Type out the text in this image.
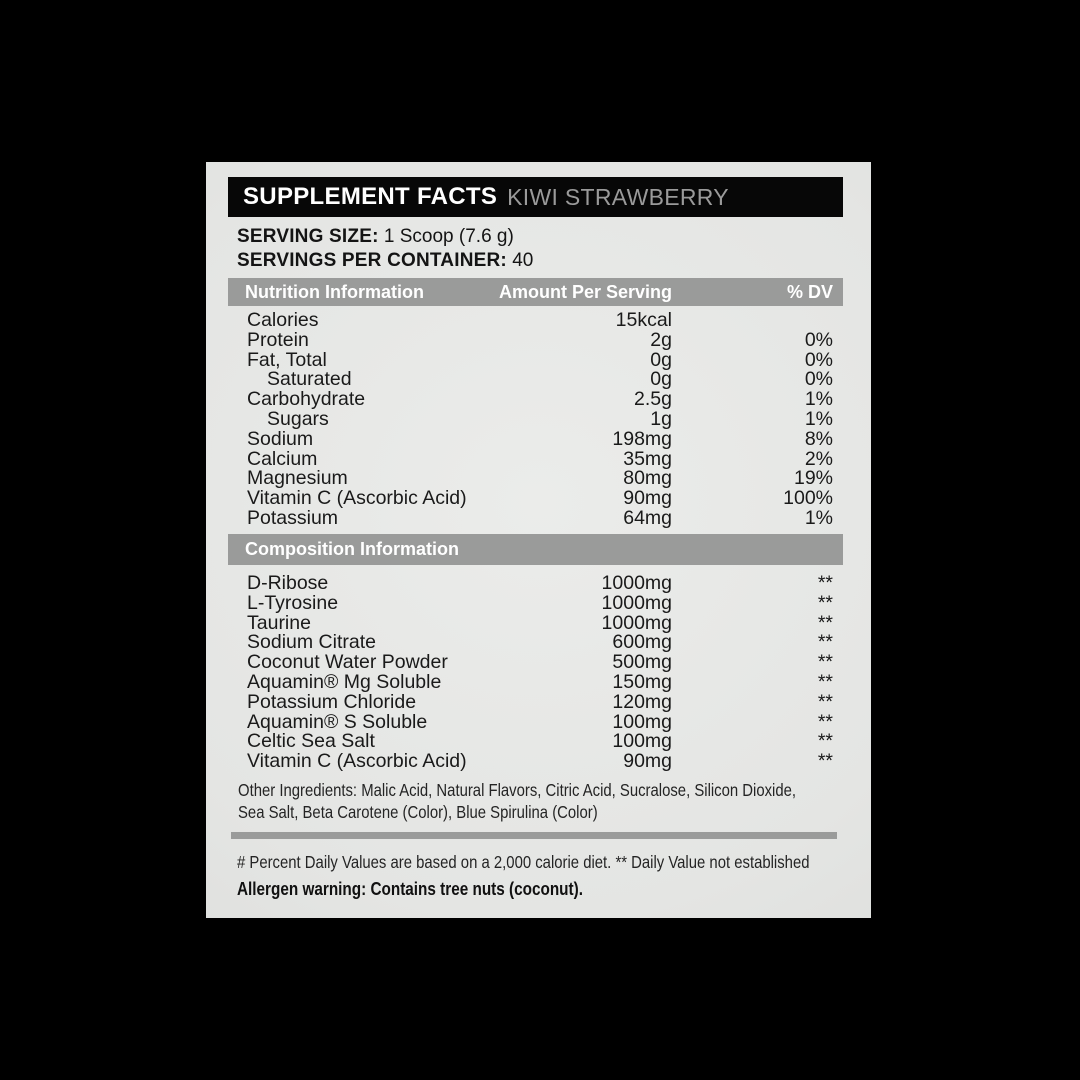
SUPPLEMENT FACTS KIWI STRAWBERRY
SERVING SIZE: 1 Scoop (7.6 g)
SERVINGS PER CONTAINER: 40
Nutrition Information	Amount Per Serving	% DV
Calories	15kcal
Protein	2g	0%
Fat, Total	0g	0%
Saturated	0g	0%
Carbohydrate	2.5g	1%
Sugars	1g	1%
Sodium	198mg	8%
Calcium	35mg	2%
Magnesium	80mg	19%
Vitamin C (Ascorbic Acid)	90mg	100%
Potassium	64mg	1%
Composition Information
D-Ribose	1000mg	**
L-Tyrosine	1000mg	**
Taurine	1000mg	**
Sodium Citrate	600mg	**
Coconut Water Powder	500mg	**
Aquamin® Mg Soluble	150mg	**
Potassium Chloride	120mg	**
Aquamin® S Soluble	100mg	**
Celtic Sea Salt	100mg	**
Vitamin C (Ascorbic Acid)	90mg	**
Other Ingredients: Malic Acid, Natural Flavors, Citric Acid, Sucralose, Silicon Dioxide,
Sea Salt, Beta Carotene (Color), Blue Spirulina (Color)
# Percent Daily Values are based on a 2,000 calorie diet. ** Daily Value not established
Allergen warning: Contains tree nuts (coconut).
